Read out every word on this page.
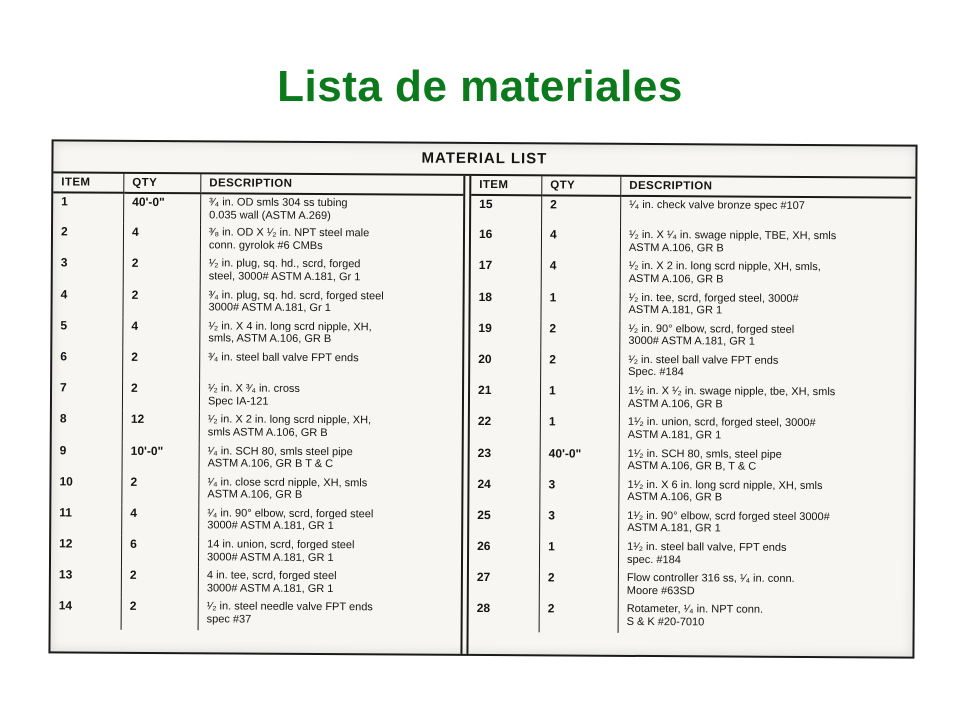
Lista de materiales
MATERIAL LIST
ITEM	QTY	DESCRIPTION
1	40'-0"	³⁄₄ in. OD smls 304 ss tubing
0.035 wall (ASTM A.269)

2	4	³⁄₈ in. OD X ¹⁄₂ in. NPT steel male
conn. gyrolok #6 CMBs

3	2	¹⁄₂ in. plug, sq. hd., scrd, forged
steel, 3000# ASTM A.181, Gr 1

4	2	³⁄₄ in. plug, sq. hd. scrd, forged steel
3000# ASTM A.181, Gr 1

5	4	¹⁄₂ in. X 4 in. long scrd nipple, XH,
smls, ASTM A.106, GR B

6	2	³⁄₄ in. steel ball valve FPT ends

7	2	¹⁄₂ in. X ³⁄₄ in. cross
Spec IA-121

8	12	¹⁄₂ in. X 2 in. long scrd nipple, XH,
smls ASTM A.106, GR B

9	10'-0"	¹⁄₄ in. SCH 80, smls steel pipe
ASTM A.106, GR B T & C

10	2	¹⁄₄ in. close scrd nipple, XH, smls
ASTM A.106, GR B

11	4	¹⁄₄ in. 90° elbow, scrd, forged steel
3000# ASTM A.181, GR 1

12	6	14 in. union, scrd, forged steel
3000# ASTM A.181, GR 1

13	2	4 in. tee, scrd, forged steel
3000# ASTM A.181, GR 1

14	2	¹⁄₂ in. steel needle valve FPT ends
spec #37
ITEM	QTY	DESCRIPTION
15	2	¹⁄₄ in. check valve bronze spec #107

16	4	¹⁄₂ in. X ¹⁄₄ in. swage nipple, TBE, XH, smls
ASTM A.106, GR B

17	4	¹⁄₂ in. X 2 in. long scrd nipple, XH, smls,
ASTM A.106, GR B

18	1	¹⁄₂ in. tee, scrd, forged steel, 3000#
ASTM A.181, GR 1

19	2	¹⁄₂ in. 90° elbow, scrd, forged steel
3000# ASTM A.181, GR 1

20	2	¹⁄₂ in. steel ball valve FPT ends
Spec. #184

21	1	1¹⁄₂ in. X ¹⁄₂ in. swage nipple, tbe, XH, smls
ASTM A.106, GR B

22	1	1¹⁄₂ in. union, scrd, forged steel, 3000#
ASTM A.181, GR 1

23	40'-0"	1¹⁄₂ in. SCH 80, smls, steel pipe
ASTM A.106, GR B, T & C

24	3	1¹⁄₂ in. X 6 in. long scrd nipple, XH, smls
ASTM A.106, GR B

25	3	1¹⁄₂ in. 90° elbow, scrd forged steel 3000#
ASTM A.181, GR 1

26	1	1¹⁄₂ in. steel ball valve, FPT ends
spec. #184

27	2	Flow controller 316 ss, ¹⁄₄ in. conn.
Moore #63SD

28	2	Rotameter, ¹⁄₄ in. NPT conn.
S & K #20-7010
